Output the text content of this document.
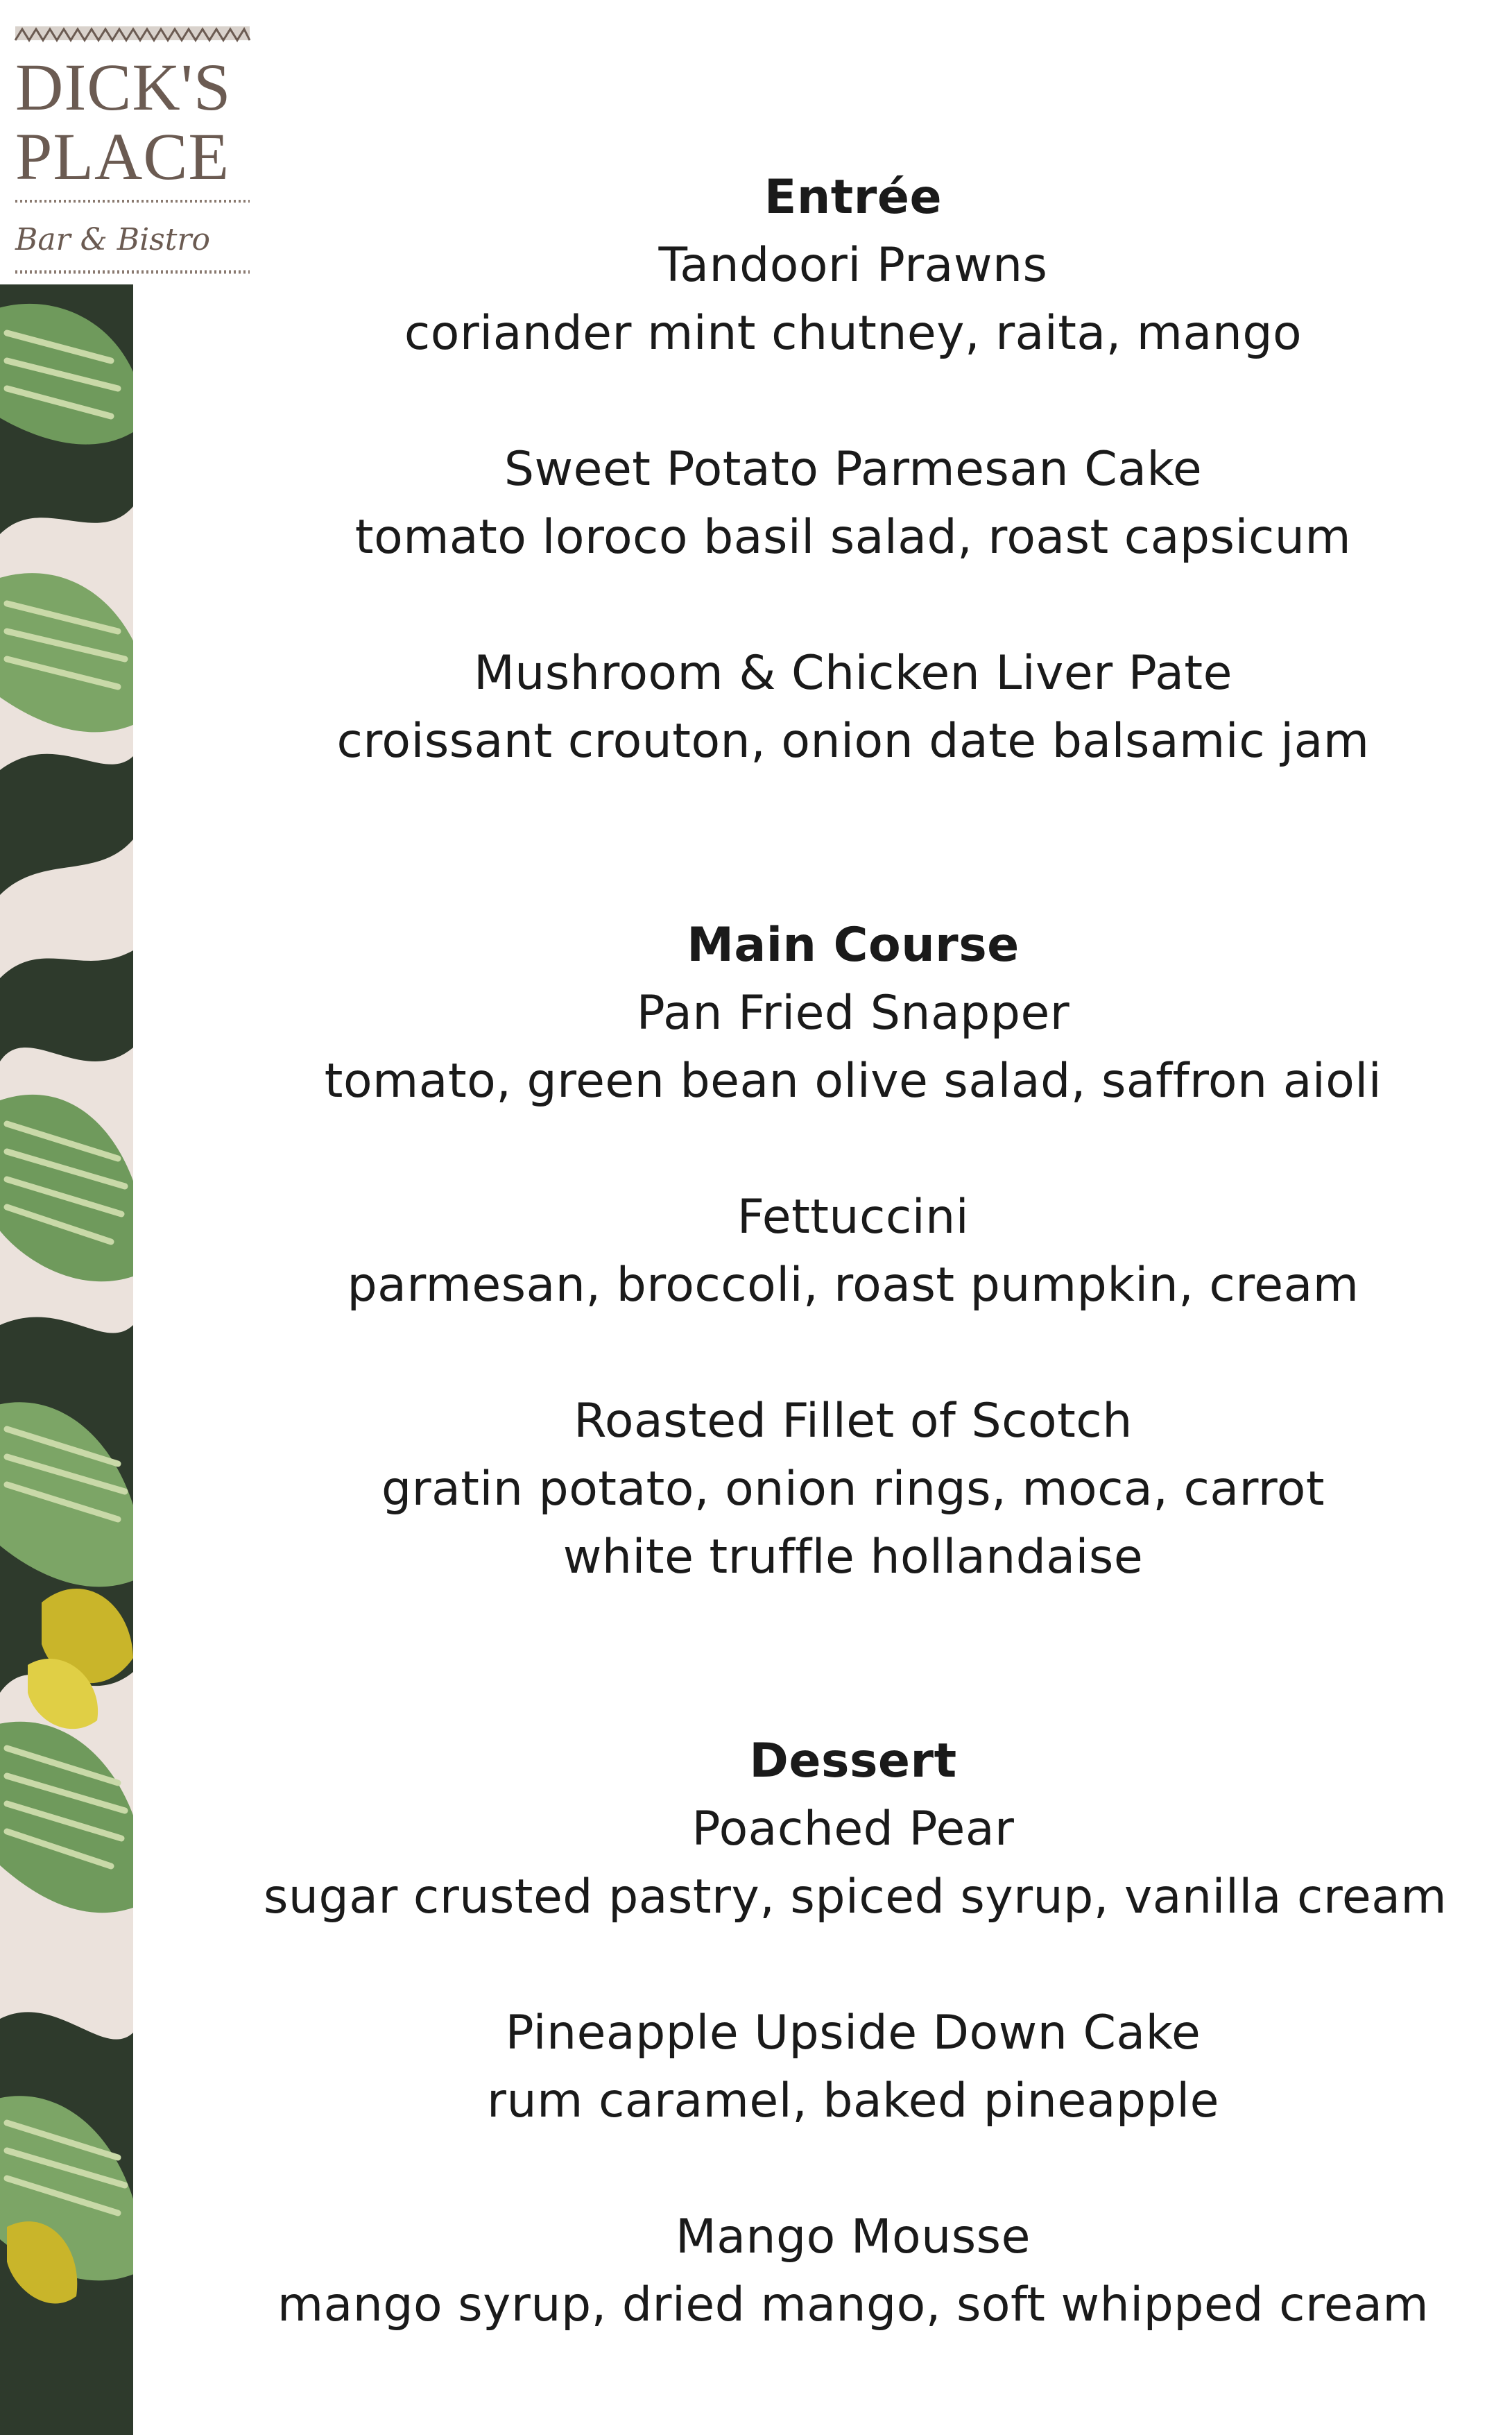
DICK'S
PLACE
Bar & Bistro

Entrée

Tandoori Prawns

coriander mint chutney, raita, mango

Sweet Potato Parmesan Cake

tomato loroco basil salad, roast capsicum

Mushroom & Chicken Liver Pate

croissant crouton, onion date balsamic jam

Main Course

Pan Fried Snapper

tomato, green bean olive salad, saffron aioli

Fettuccini

parmesan, broccoli, roast pumpkin, cream

Roasted Fillet of Scotch

gratin potato, onion rings, moca, carrot

white truffle hollandaise

Dessert

Poached Pear

sugar crusted pastry, spiced syrup, vanilla cream

Pineapple Upside Down Cake

rum caramel, baked pineapple

Mango Mousse

mango syrup, dried mango, soft whipped cream
